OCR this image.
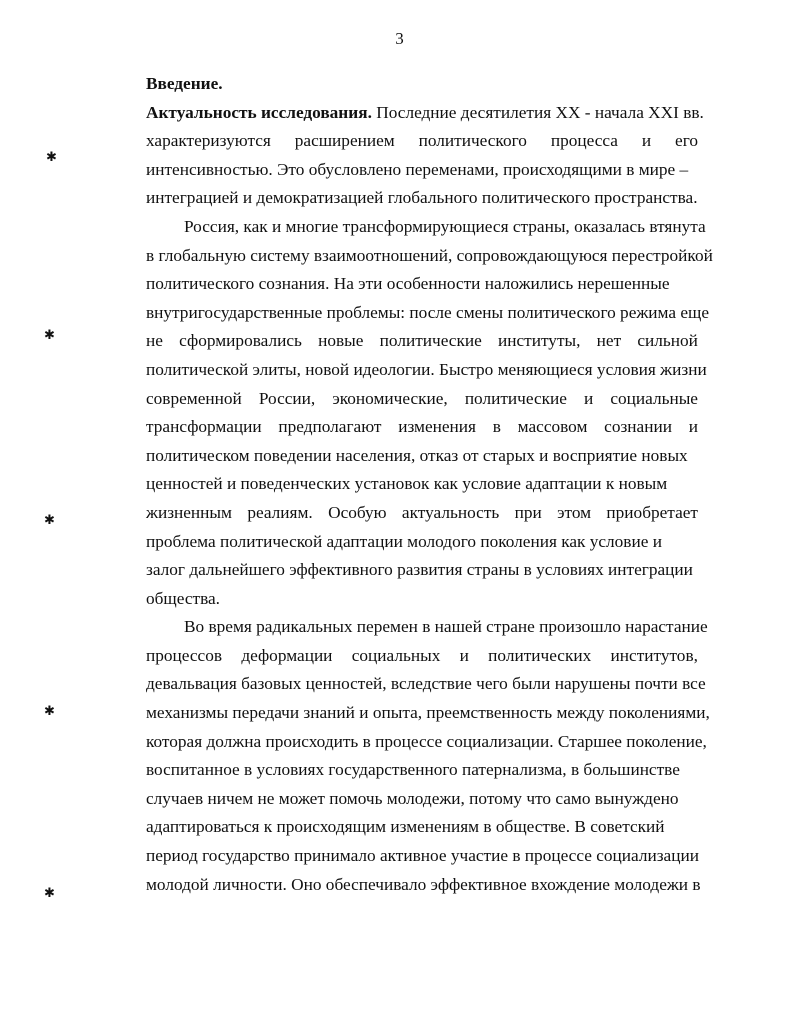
3
✱
✱
✱
✱
✱
Введение.
Актуальность исследования. Последние десятилетия XX - начала XXI вв.
характеризуются расширением политического процесса и его
интенсивностью. Это обусловлено переменами, происходящими в мире –
интеграцией и демократизацией глобального политического пространства.
Россия, как и многие трансформирующиеся страны, оказалась втянута
в глобальную систему взаимоотношений, сопровождающуюся перестройкой
политического сознания. На эти особенности наложились нерешенные
внутригосударственные проблемы: после смены политического режима еще
не сформировались новые политические институты, нет сильной
политической элиты, новой идеологии. Быстро меняющиеся условия жизни
современной России, экономические, политические и социальные
трансформации предполагают изменения в массовом сознании и
политическом поведении населения, отказ от старых и восприятие новых
ценностей и поведенческих установок как условие адаптации к новым
жизненным реалиям. Особую актуальность при этом приобретает
проблема политической адаптации молодого поколения как условие и
залог дальнейшего эффективного развития страны в условиях интеграции
общества.
Во время радикальных перемен в нашей стране произошло нарастание
процессов деформации социальных и политических институтов,
девальвация базовых ценностей, вследствие чего были нарушены почти все
механизмы передачи знаний и опыта, преемственность между поколениями,
которая должна происходить в процессе социализации. Старшее поколение,
воспитанное в условиях государственного патернализма, в большинстве
случаев ничем не может помочь молодежи, потому что само вынуждено
адаптироваться к происходящим изменениям в обществе. В советский
период государство принимало активное участие в процессе социализации
молодой личности. Оно обеспечивало эффективное вхождение молодежи в
